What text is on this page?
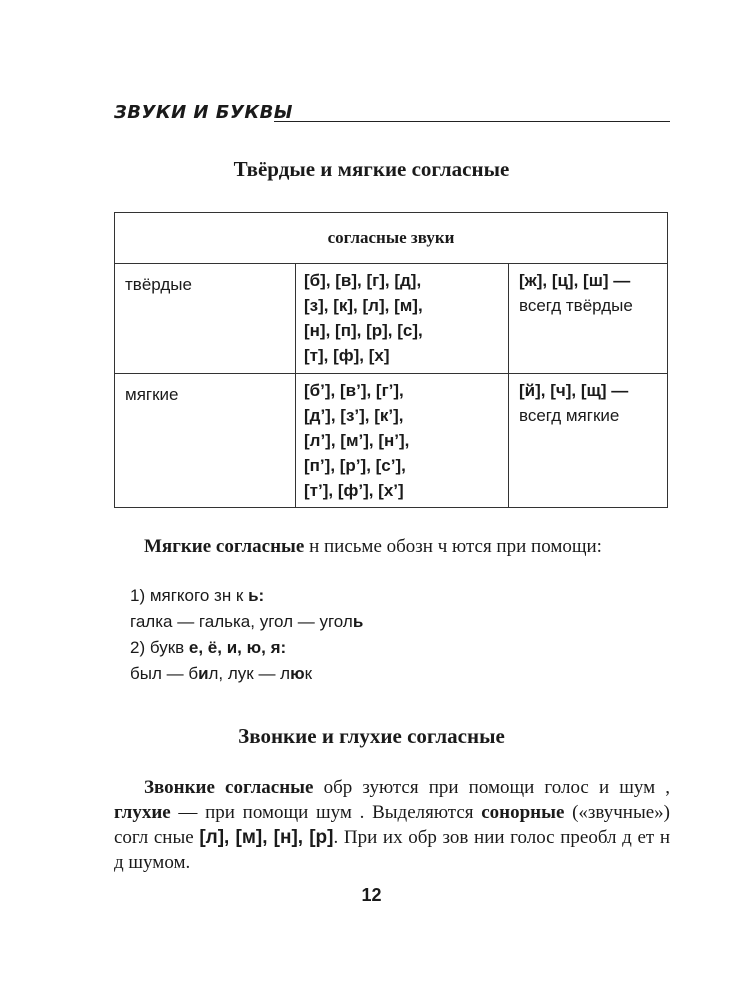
ЗВУКИ И БУКВЫ
Твёрдые и мягкие согласные
согласные звуки		
твёрдые	[б], [в], [г], [д],
[з], [к], [л], [м],
[н], [п], [р], [с],
[т], [ф], [х]	[ж], [ц], [ш] —
всегд твёрдые
мягкие	[б’], [в’], [г’],
[д’], [з’], [к’],
[л’], [м’], [н’],
[п’], [р’], [с’],
[т’], [ф’], [х’]	[й], [ч], [щ] —
всегд мягкие

Мягкие согласные н письме обозн ч ются при помощи:

1) мягкого зн к ь:

галка — галька, угол — уголь

2) букв е, ё, и, ю, я:

был — бил, лук — люк

Звонкие и глухие согласные

Звонкие согласные обр зуются при помощи голос и шум , глухие — при помощи шум . Выделяются сонорные («звучные») согл сные [л], [м], [н], [р]. При их обр зов нии голос преобл д ет н д шумом.

12
